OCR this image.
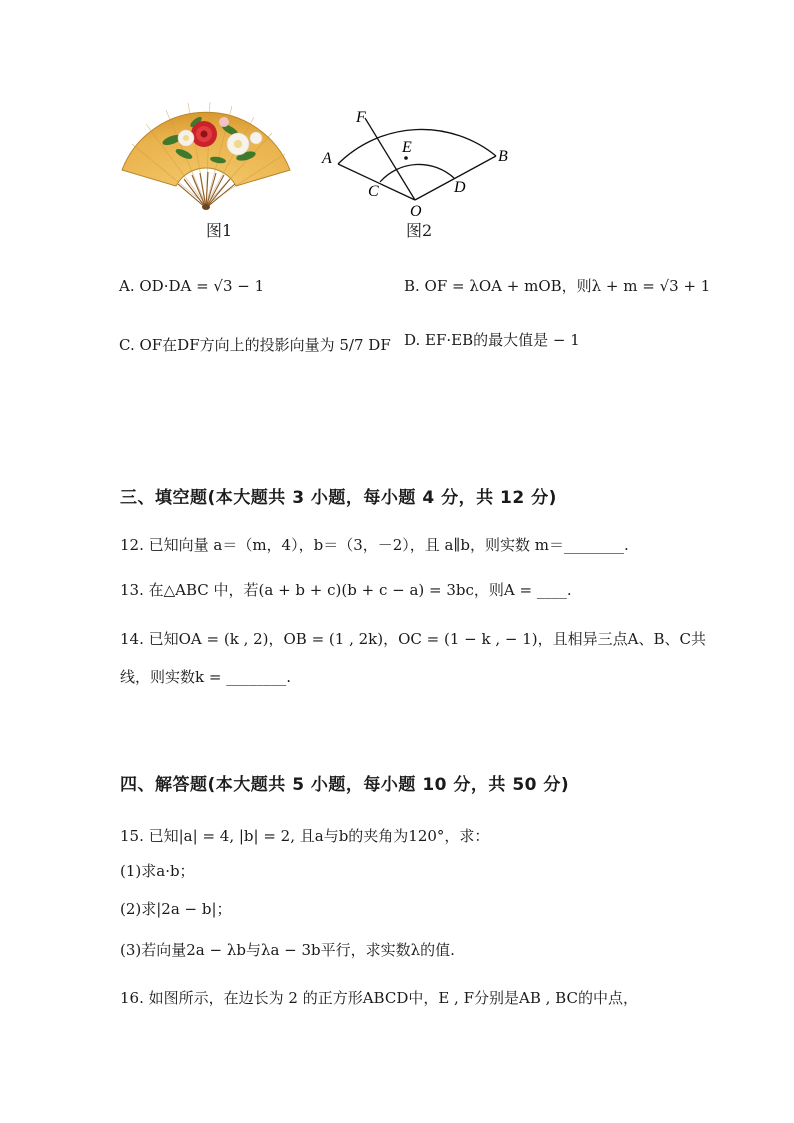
图1
F
A
E
B
C	D
O
图2
A. OD·DA = √3 − 1	B. OF = λOA + mOB，则λ + m = √3 + 1
C. OF在DF方向上的投影向量为 5/7 DF D. EF·EB的最大值是 − 1
三、填空题(本大题共 3 小题，每小题 4 分，共 12 分)
12. 已知向量 a＝（m，4），b＝（3，－2），且 a∥b，则实数 m＝________.
13. 在△ABC 中，若(a + b + c)(b + c − a) = 3bc，则A = ____.
14. 已知OA = (k , 2)，OB = (1 , 2k)，OC = (1 − k , − 1)，且相异三点A、B、C共
线，则实数k = ________.
四、解答题(本大题共 5 小题，每小题 10 分，共 50 分)
15. 已知|a| = 4, |b| = 2, 且a与b的夹角为120°，求：
(1)求a·b；
(2)求|2a − b|；
(3)若向量2a − λb与λa − 3b平行，求实数λ的值.
16. 如图所示，在边长为 2 的正方形ABCD中，E , F分别是AB , BC的中点，
